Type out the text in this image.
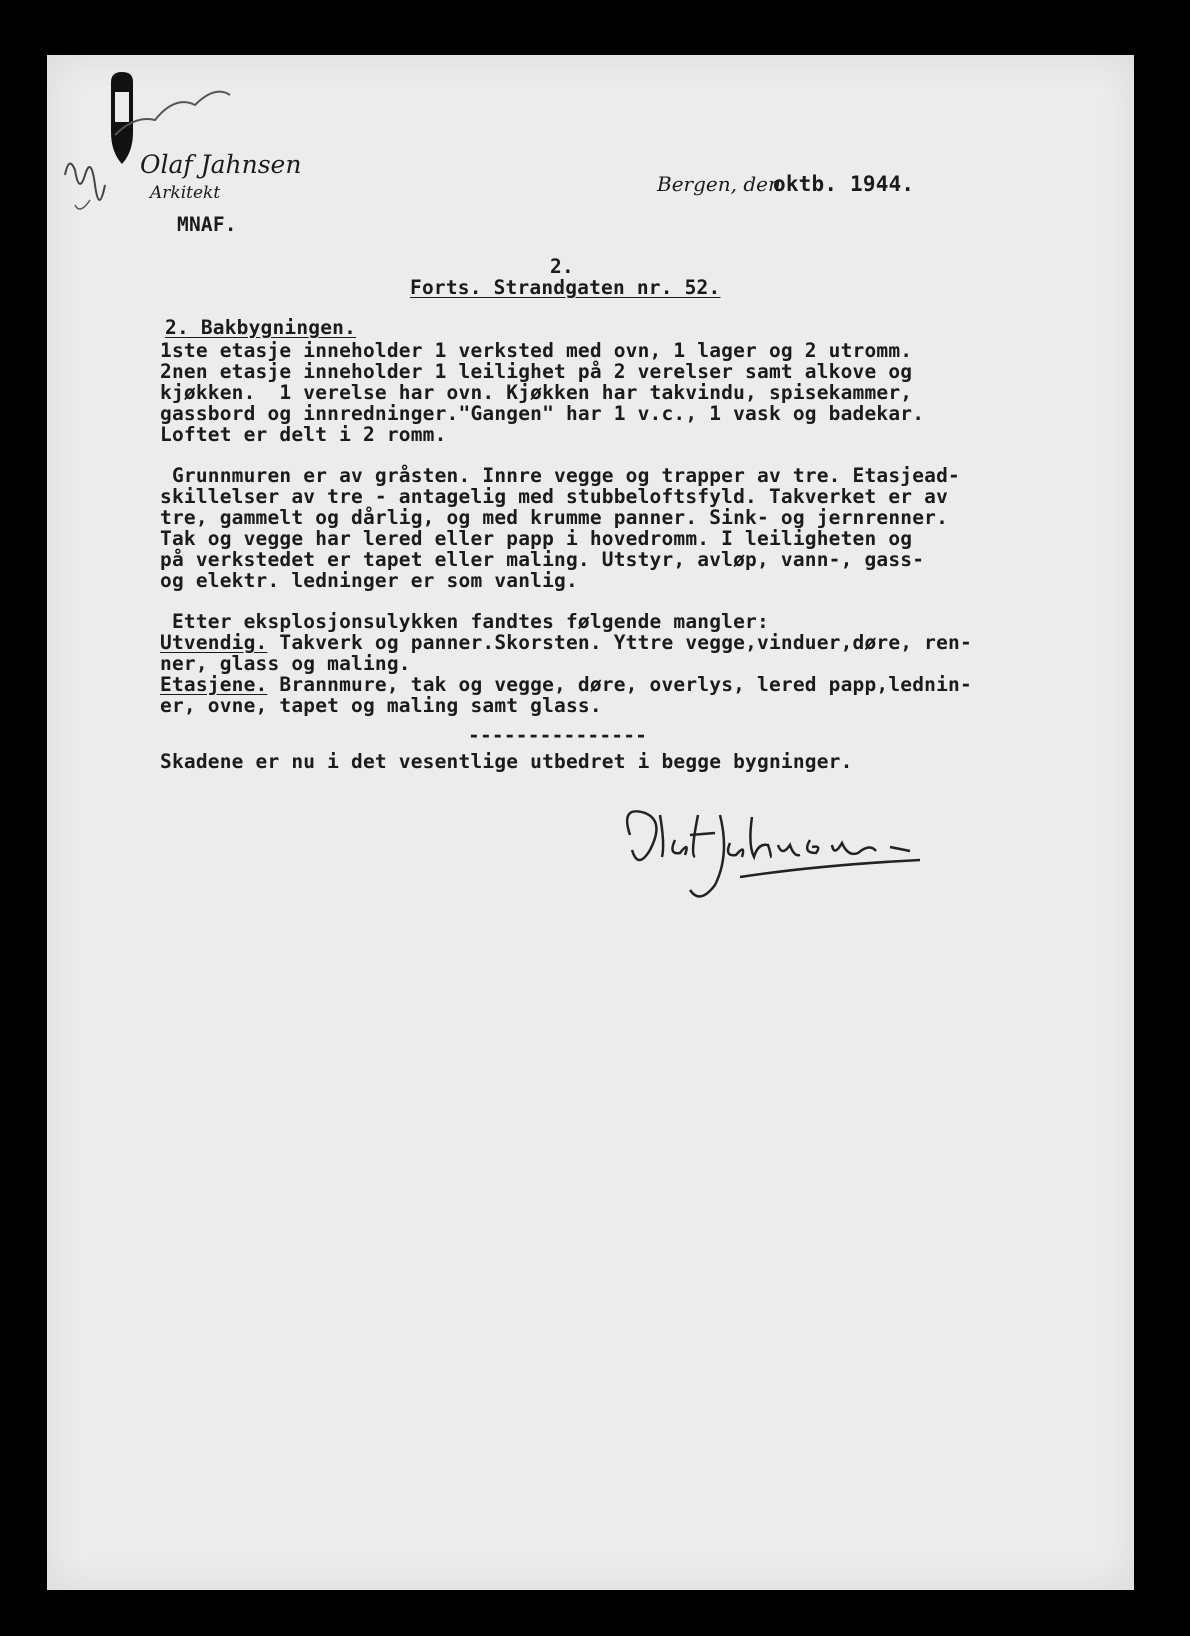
Olaf Jahnsen
Arkitekt
MNAF.
Bergen, den
oktb. 1944.
2.
Forts. Strandgaten nr. 52.
2. Bakbygningen.
1ste etasje inneholder 1 verksted med ovn, 1 lager og 2 utromm.
2nen etasje inneholder 1 leilighet på 2 verelser samt alkove og
kjøkken.  1 verelse har ovn. Kjøkken har takvindu, spisekammer,
gassbord og innredninger."Gangen" har 1 v.c., 1 vask og badekar.
Loftet er delt i 2 romm.
Grunnmuren er av gråsten. Innre vegge og trapper av tre. Etasjead-
skillelser av tre - antagelig med stubbeloftsfyld. Takverket er av
tre, gammelt og dårlig, og med krumme panner. Sink- og jernrenner.
Tak og vegge har lered eller papp i hovedromm. I leiligheten og
på verkstedet er tapet eller maling. Utstyr, avløp, vann-, gass-
og elektr. ledninger er som vanlig.
Etter eksplosjonsulykken fandtes følgende mangler:
Utvendig. Takverk og panner.Skorsten. Yttre vegge,vinduer,døre, ren-
ner, glass og maling.
Etasjene. Brannmure, tak og vegge, døre, overlys, lered papp,lednin-
er, ovne, tapet og maling samt glass.
---------------
Skadene er nu i det vesentlige utbedret i begge bygninger.
